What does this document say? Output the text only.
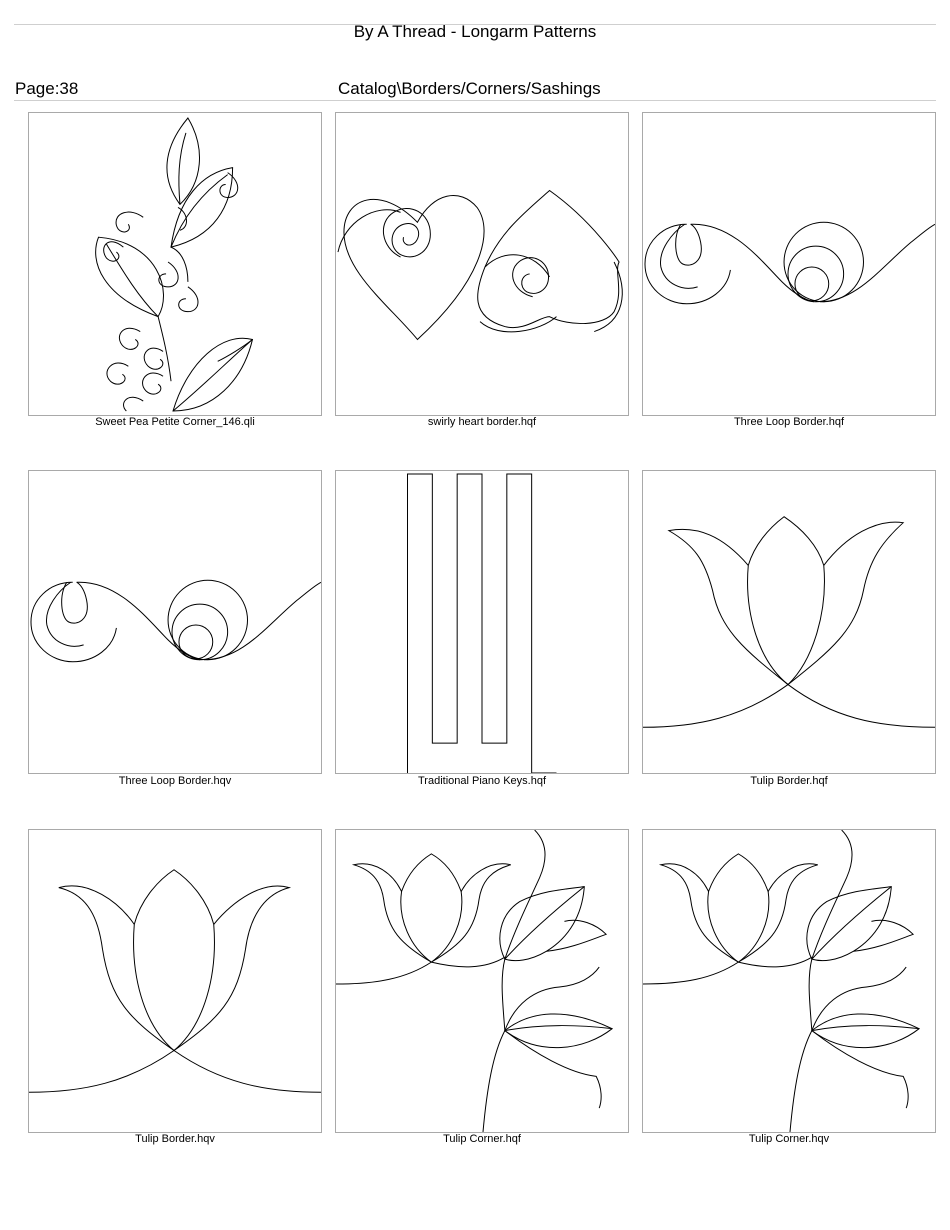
By A Thread - Longarm Patterns
Page:38	Catalog\Borders/Corners/Sashings
Sweet Pea Petite Corner_146.qli	swirly heart border.hqf	Three Loop Border.hqf
Three Loop Border.hqv	Traditional Piano Keys.hqf	Tulip Border.hqf
Tulip Border.hqv	Tulip Corner.hqf	Tulip Corner.hqv
